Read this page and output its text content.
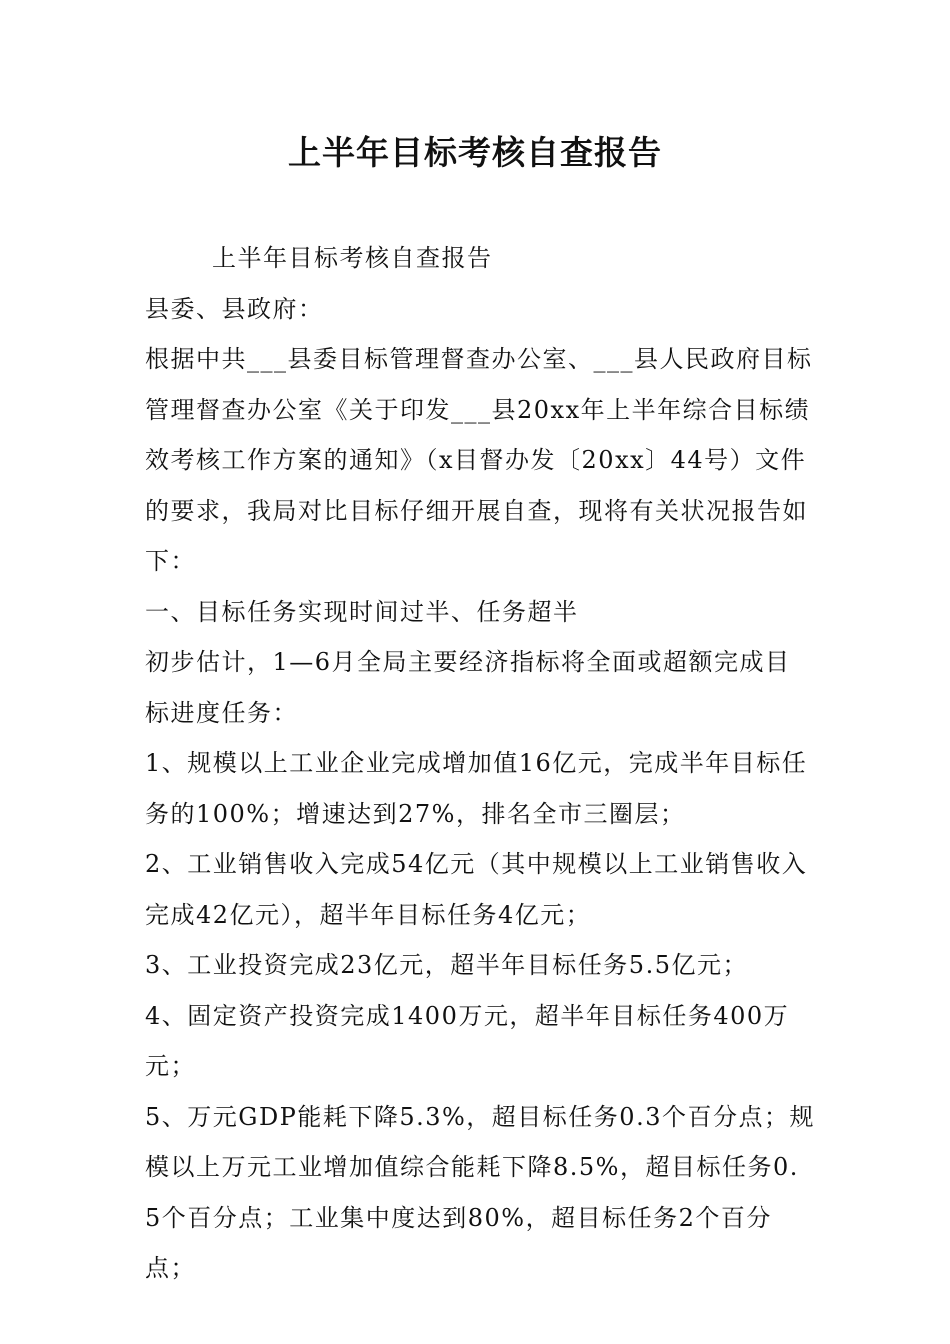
上半年目标考核自查报告

上半年目标考核自查报告

县委、县政府：

根据中共___县委目标管理督查办公室、___县人民政府目标管理督查办公室《关于印发___县20xx年上半年综合目标绩效考核工作方案的通知》（x目督办发〔20xx〕44号）文件的要求，我局对比目标仔细开展自查，现将有关状况报告如下：

一、目标任务实现时间过半、任务超半

初步估计，1—6月全局主要经济指标将全面或超额完成目标进度任务：

1、规模以上工业企业完成增加值16亿元，完成半年目标任务的100%；增速达到27%，排名全市三圈层；

2、工业销售收入完成54亿元（其中规模以上工业销售收入完成42亿元），超半年目标任务4亿元；

3、工业投资完成23亿元，超半年目标任务5.5亿元；

4、固定资产投资完成1400万元，超半年目标任务400万元；

5、万元GDP能耗下降5.3%，超目标任务0.3个百分点；规模以上万元工业增加值综合能耗下降8.5%，超目标任务0.5个百分点；工业集中度达到80%，超目标任务2个百分点；
